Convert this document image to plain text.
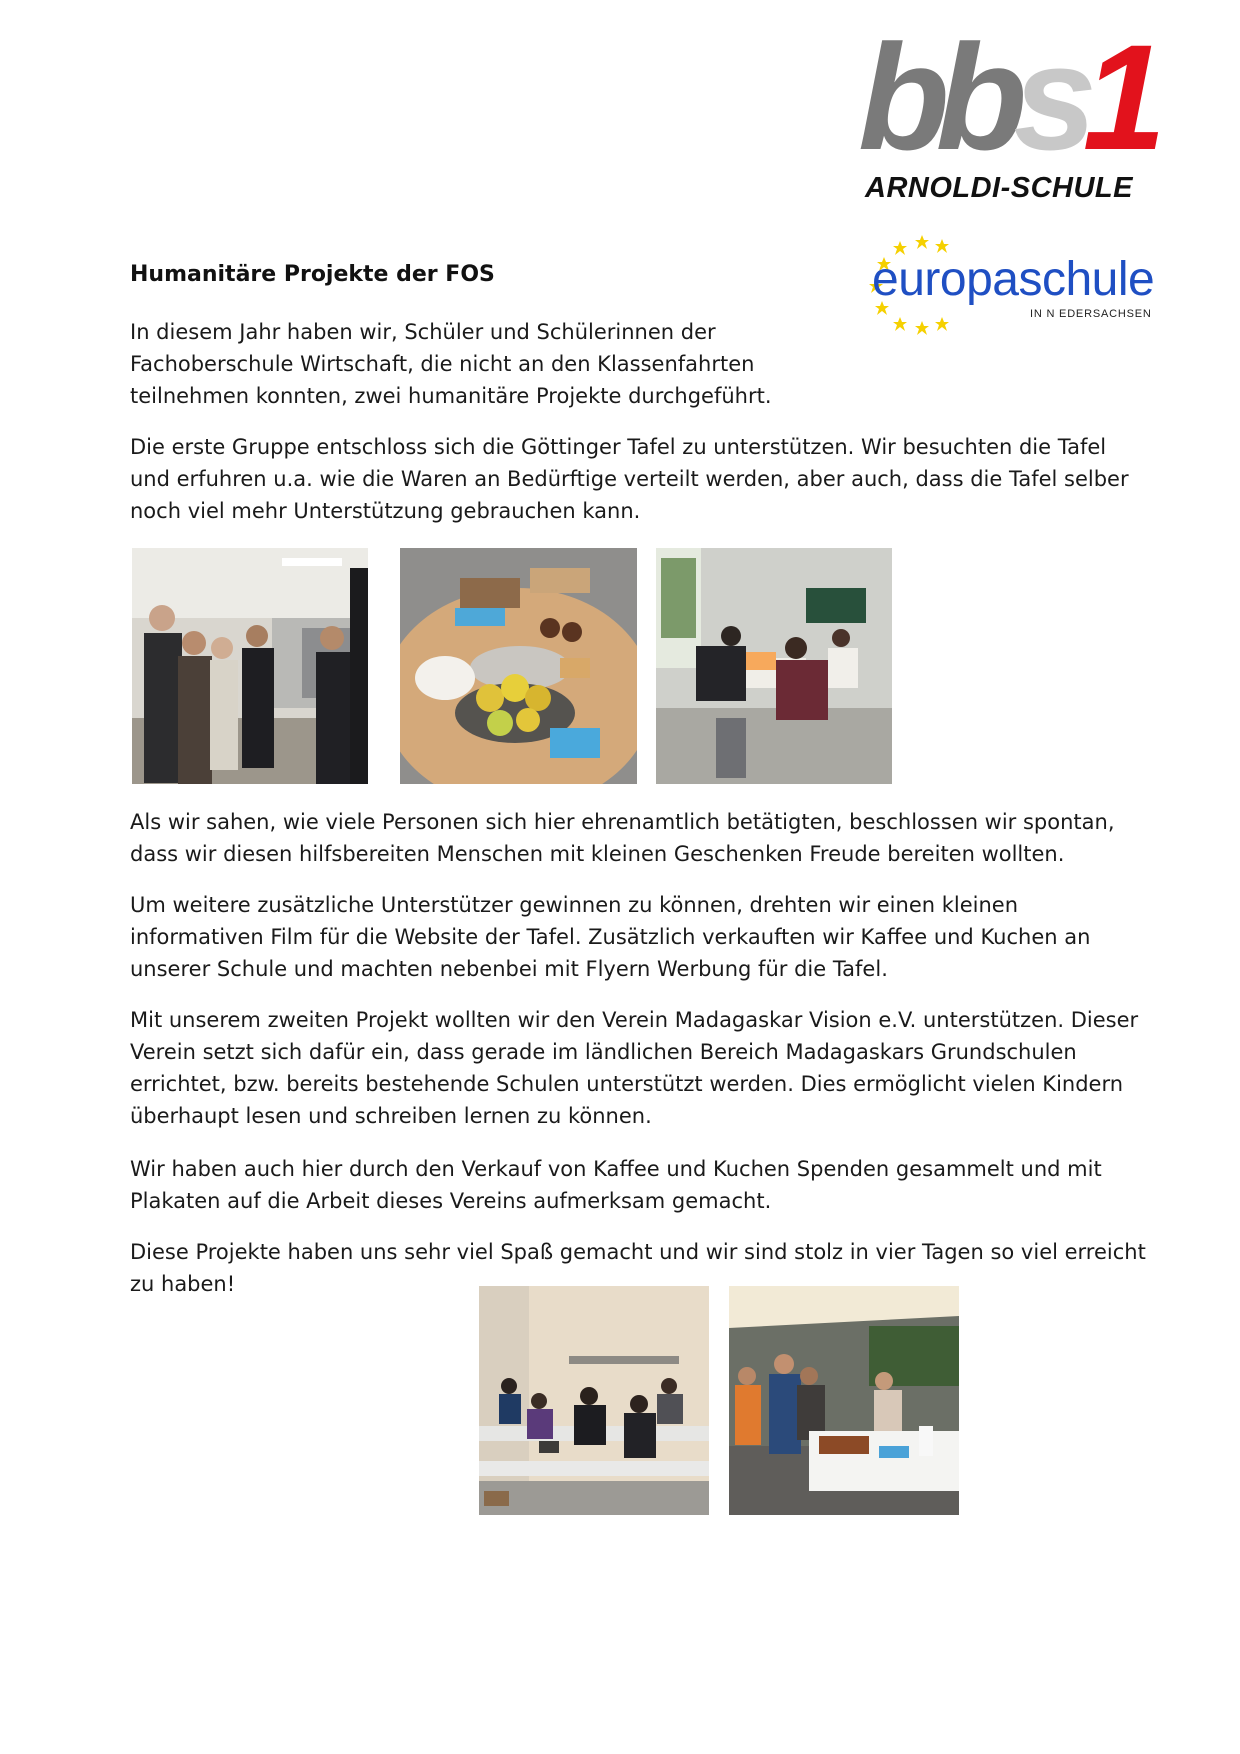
bbs1
ARNOLDI-SCHULE
europaschule
IN N EDERSACHSEN
Humanitäre Projekte der FOS
In diesem Jahr haben wir, Schüler und Schülerinnen der
Fachoberschule Wirtschaft, die nicht an den Klassenfahrten
teilnehmen konnten, zwei humanitäre Projekte durchgeführt.
Die erste Gruppe entschloss sich die Göttinger Tafel zu unterstützen. Wir besuchten die Tafel
und erfuhren u.a. wie die Waren an Bedürftige verteilt werden, aber auch, dass die Tafel selber
noch viel mehr Unterstützung gebrauchen kann.
Als wir sahen, wie viele Personen sich hier ehrenamtlich betätigten, beschlossen wir spontan,
dass wir diesen hilfsbereiten Menschen mit kleinen Geschenken Freude bereiten wollten.
Um weitere zusätzliche Unterstützer gewinnen zu können, drehten wir einen kleinen
informativen Film für die Website der Tafel. Zusätzlich verkauften wir Kaffee und Kuchen an
unserer Schule und machten nebenbei mit Flyern Werbung für die Tafel.
Mit unserem zweiten Projekt wollten wir den Verein Madagaskar Vision e.V. unterstützen. Dieser
Verein setzt sich dafür ein, dass gerade im ländlichen Bereich Madagaskars Grundschulen
errichtet, bzw. bereits bestehende Schulen unterstützt werden. Dies ermöglicht vielen Kindern
überhaupt lesen und schreiben lernen zu können.
Wir haben auch hier durch den Verkauf von Kaffee und Kuchen Spenden gesammelt und mit
Plakaten auf die Arbeit dieses Vereins aufmerksam gemacht.
Diese Projekte haben uns sehr viel Spaß gemacht und wir sind stolz in vier Tagen so viel erreicht
zu haben!
